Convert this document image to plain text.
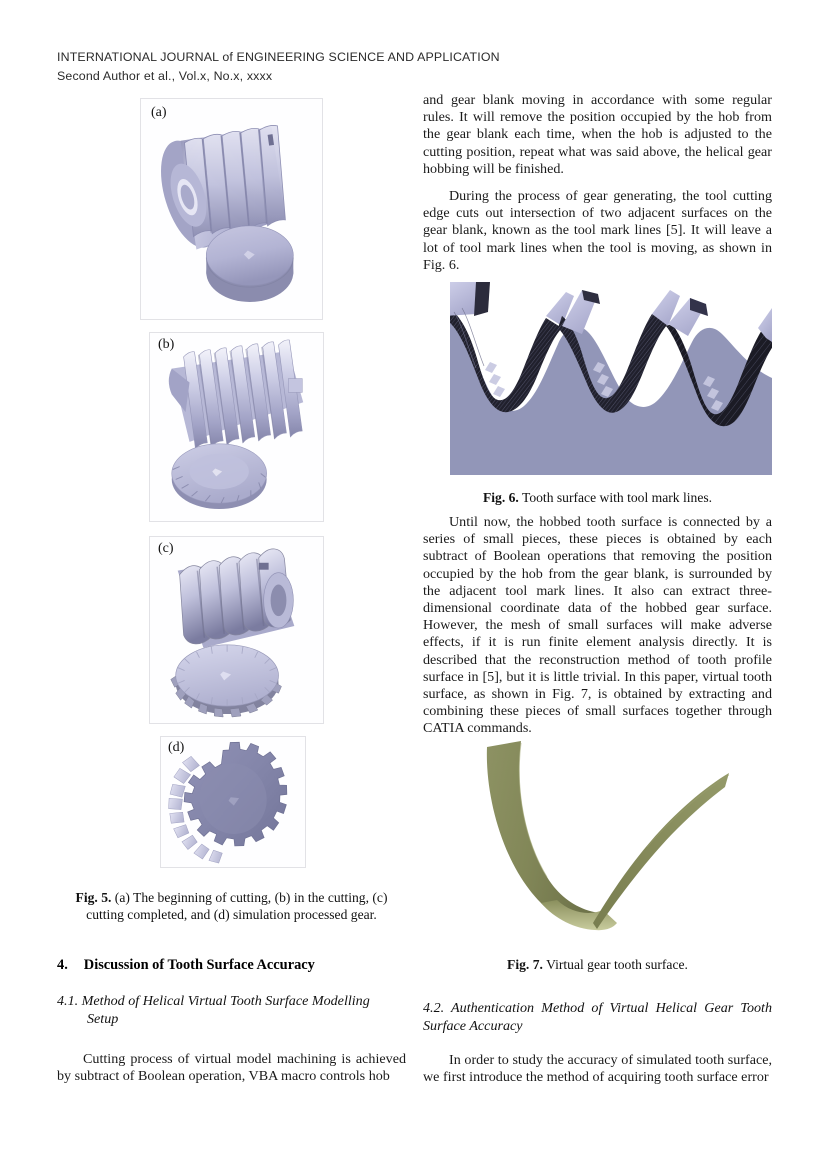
INTERNATIONAL JOURNAL of ENGINEERING SCIENCE AND APPLICATION
Second Author et al., Vol.x, No.x, xxxx
(a)
(b)
(c)
(d)

Fig. 5. (a) The beginning of cutting, (b) in the cutting, (c) cutting completed, and (d) simulation processed gear.

4. Discussion of Tooth Surface Accuracy
4.1. Method of Helical Virtual Tooth Surface Modelling
Setup

Cutting process of virtual model machining is achieved by subtract of Boolean operation, VBA macro controls hob

and gear blank moving in accordance with some regular rules. It will remove the position occupied by the hob from the gear blank each time, when the hob is adjusted to the cutting position, repeat what was said above, the helical gear hobbing will be finished.

During the process of gear generating, the tool cutting edge cuts out intersection of two adjacent surfaces on the gear blank, known as the tool mark lines [5]. It will leave a lot of tool mark lines when the tool is moving, as shown in Fig. 6.

Fig. 6. Tooth surface with tool mark lines.

Until now, the hobbed tooth surface is connected by a series of small pieces, these pieces is obtained by each subtract of Boolean operations that removing the position occupied by the hob from the gear blank, is surrounded by the adjacent tool mark lines. It also can extract three-dimensional coordinate data of the hobbed gear surface. However, the mesh of small surfaces will make adverse effects, if it is run finite element analysis directly. It is described that the reconstruction method of tooth profile surface in [5], but it is little trivial. In this paper, virtual tooth surface, as shown in Fig. 7, is obtained by extracting and combining these pieces of small surfaces together through CATIA commands.

Fig. 7. Virtual gear tooth surface.

4.2. Authentication Method of Virtual Helical Gear Tooth Surface Accuracy

In order to study the accuracy of simulated tooth surface, we first introduce the method of acquiring tooth surface error
